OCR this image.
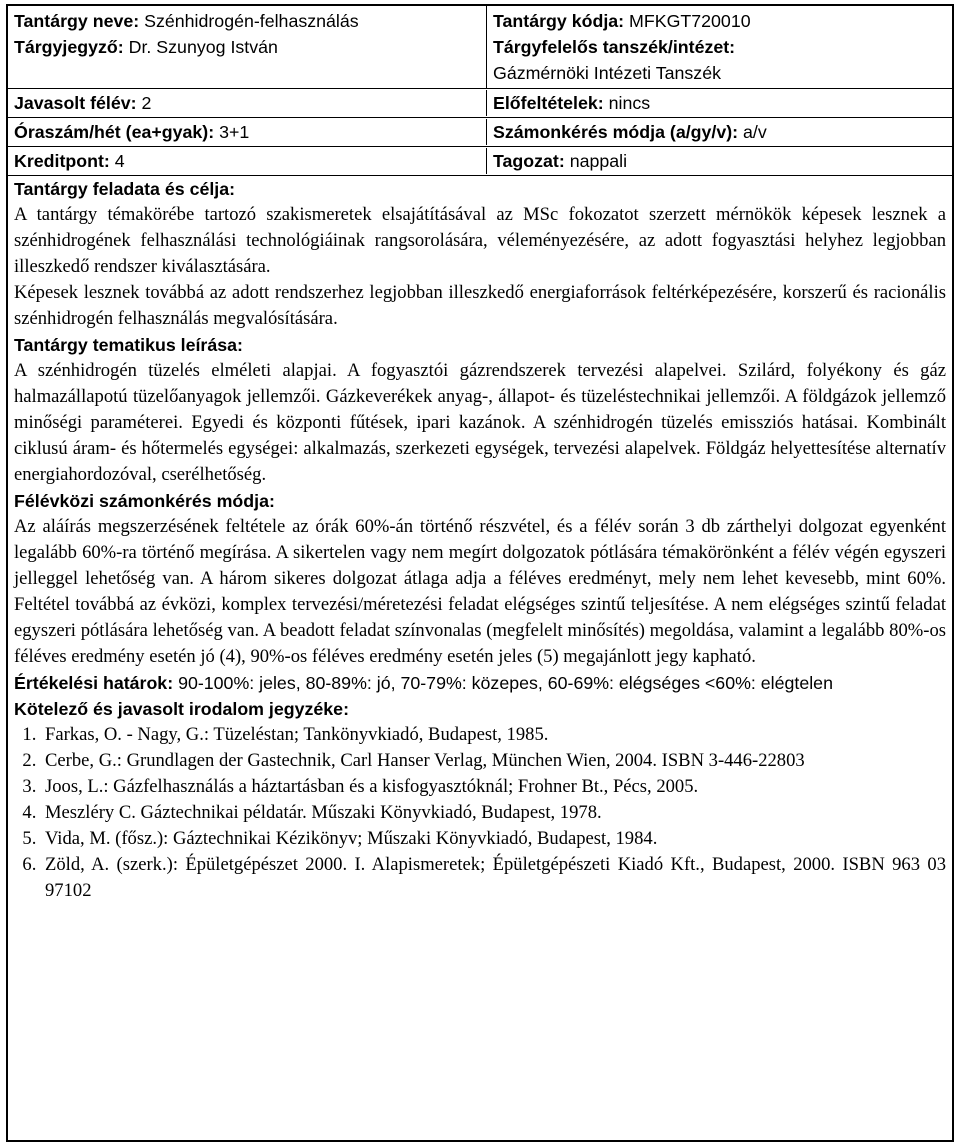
Tantárgy neve: Szénhidrogén-felhasználás
Tárgyjegyző: Dr. Szunyog István
Tantárgy kódja: MFKGT720010
Tárgyfelelős tanszék/intézet:
Gázmérnöki Intézeti Tanszék
Javasolt félév: 2	Előfeltételek: nincs
Óraszám/hét (ea+gyak): 3+1	Számonkérés módja (a/gy/v): a/v
Kreditpont: 4	Tagozat: nappali
Tantárgy feladata és célja:
A tantárgy témakörébe tartozó szakismeretek elsajátításával az MSc fokozatot szerzett mérnökök képesek lesznek a szénhidrogének felhasználási technológiáinak rangsorolására, véleményezésére, az adott fogyasztási helyhez legjobban illeszkedő rendszer kiválasztására.
Képesek lesznek továbbá az adott rendszerhez legjobban illeszkedő energiaforrások feltérképezésére, korszerű és racionális szénhidrogén felhasználás megvalósítására.
Tantárgy tematikus leírása:
A szénhidrogén tüzelés elméleti alapjai. A fogyasztói gázrendszerek tervezési alapelvei. Szilárd, folyékony és gáz halmazállapotú tüzelőanyagok jellemzői. Gázkeverékek anyag-, állapot- és tüzeléstechnikai jellemzői. A földgázok jellemző minőségi paraméterei. Egyedi és központi fűtések, ipari kazánok. A szénhidrogén tüzelés emissziós hatásai. Kombinált ciklusú áram- és hőtermelés egységei: alkalmazás, szerkezeti egységek, tervezési alapelvek. Földgáz helyettesítése alternatív energiahordozóval, cserélhetőség.
Félévközi számonkérés módja:
Az aláírás megszerzésének feltétele az órák 60%-án történő részvétel, és a félév során 3 db zárthelyi dolgozat egyenként legalább 60%-ra történő megírása. A sikertelen vagy nem megírt dolgozatok pótlására témakörönként a félév végén egyszeri jelleggel lehetőség van. A három sikeres dolgozat átlaga adja a féléves eredményt, mely nem lehet kevesebb, mint 60%. Feltétel továbbá az évközi, komplex tervezési/méretezési feladat elégséges szintű teljesítése. A nem elégséges szintű feladat egyszeri pótlására lehetőség van. A beadott feladat színvonalas (megfelelt minősítés) megoldása, valamint a legalább 80%-os féléves eredmény esetén jó (4), 90%-os féléves eredmény esetén jeles (5) megajánlott jegy kapható.
Értékelési határok: 90-100%: jeles, 80-89%: jó, 70-79%: közepes, 60-69%: elégséges <60%: elégtelen
Kötelező és javasolt irodalom jegyzéke:
1. Farkas, O. - Nagy, G.: Tüzeléstan; Tankönyvkiadó, Budapest, 1985.
2. Cerbe, G.: Grundlagen der Gastechnik, Carl Hanser Verlag, München Wien, 2004. ISBN 3-446-22803
3. Joos, L.: Gázfelhasználás a háztartásban és a kisfogyasztóknál; Frohner Bt., Pécs, 2005.
4. Meszléry C. Gáztechnikai példatár. Műszaki Könyvkiadó, Budapest, 1978.
5. Vida, M. (fősz.): Gáztechnikai Kézikönyv; Műszaki Könyvkiadó, Budapest, 1984.
6. Zöld, A. (szerk.): Épületgépészet 2000. I. Alapismeretek; Épületgépészeti Kiadó Kft., Budapest, 2000. ISBN 963 03 97102
